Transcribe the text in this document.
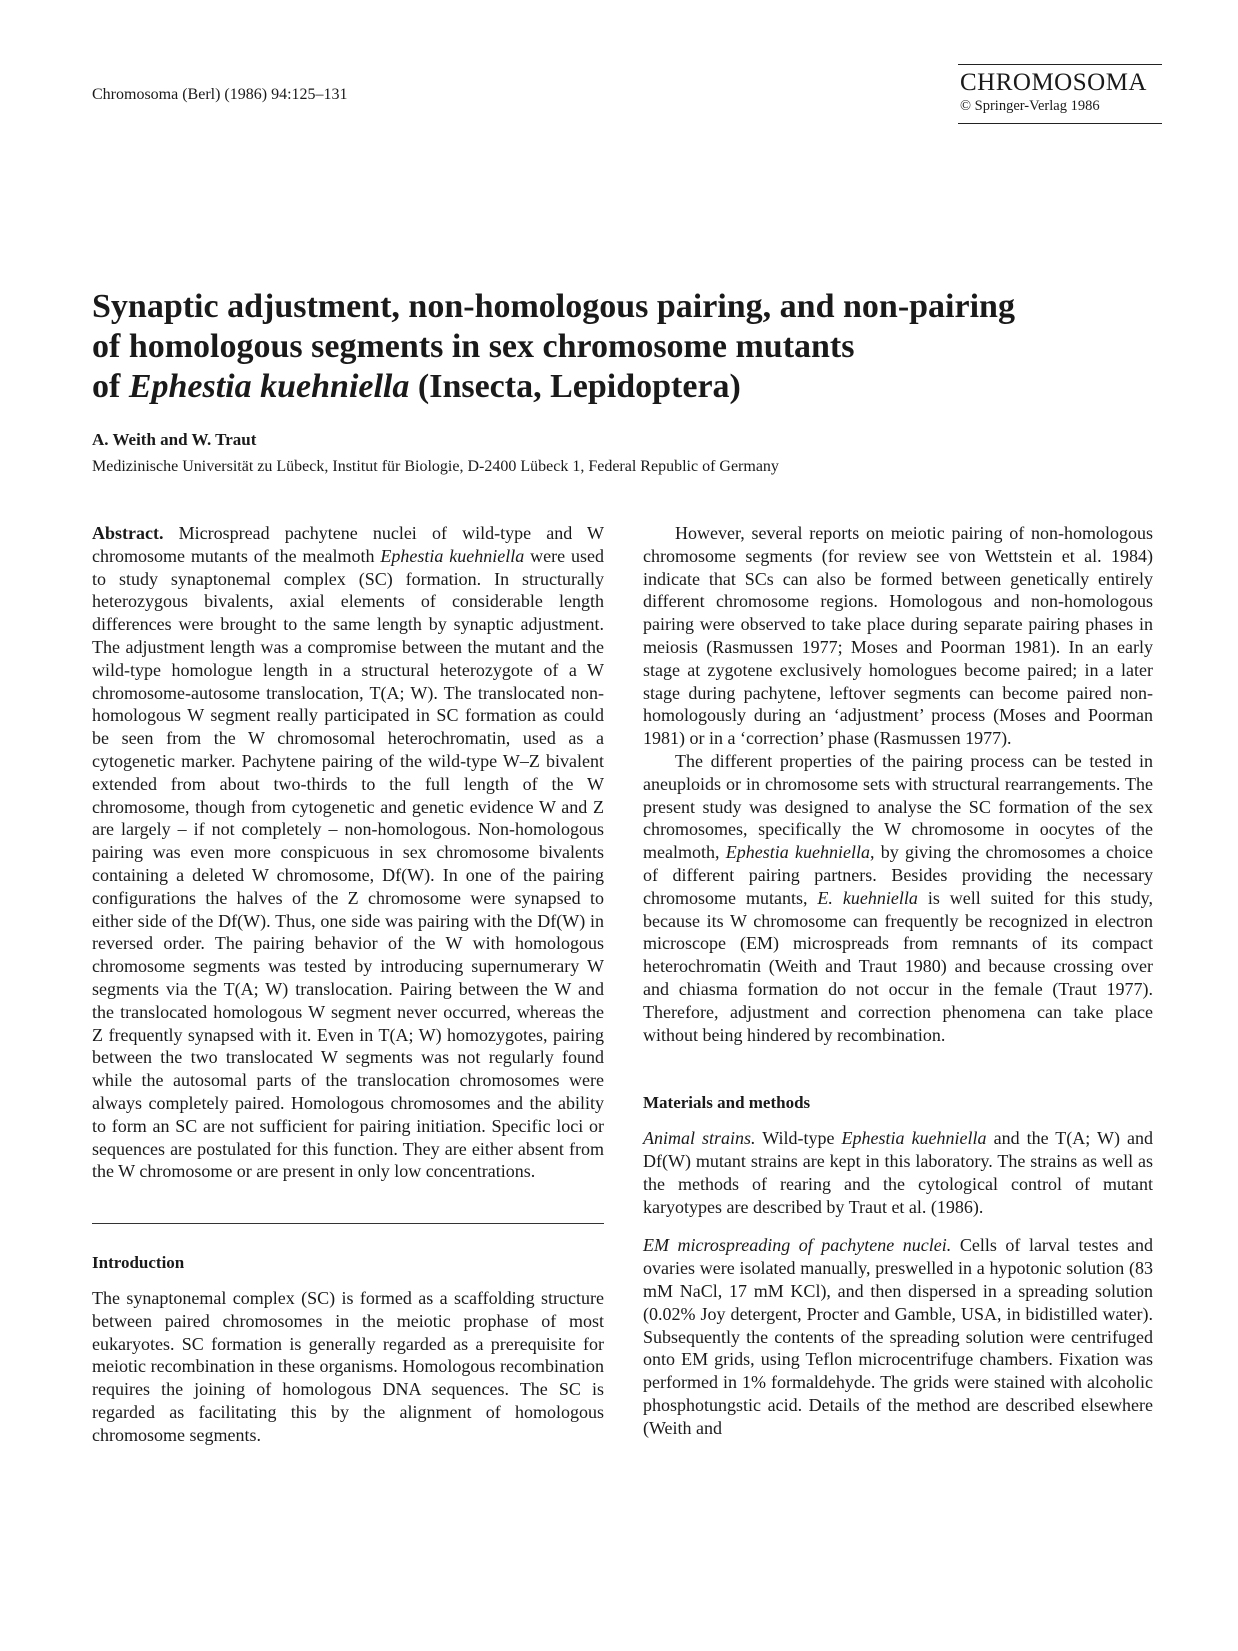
Chromosoma (Berl) (1986) 94:125–131	CHROMOSOMA
© Springer-Verlag 1986
Synaptic adjustment, non-homologous pairing, and non-pairing
of homologous segments in sex chromosome mutants
of Ephestia kuehniella (Insecta, Lepidoptera)
A. Weith and W. Traut
Medizinische Universität zu Lübeck, Institut für Biologie, D-2400 Lübeck 1, Federal Republic of Germany

Abstract. Microspread pachytene nuclei of wild-type and W chromosome mutants of the mealmoth Ephestia kuehniella were used to study synaptonemal complex (SC) formation. In structurally heterozygous bivalents, axial elements of considerable length differences were brought to the same length by synaptic adjustment. The adjustment length was a compromise between the mutant and the wild-type homologue length in a structural heterozygote of a W chromosome-autosome translocation, T(A; W). The translocated non-homologous W segment really participated in SC formation as could be seen from the W chromosomal heterochromatin, used as a cytogenetic marker. Pachytene pairing of the wild-type W–Z bivalent extended from about two-thirds to the full length of the W chromosome, though from cytogenetic and genetic evidence W and Z are largely – if not completely – non-homologous. Non-homologous pairing was even more conspicuous in sex chromosome bivalents containing a deleted W chromosome, Df(W). In one of the pairing configurations the halves of the Z chromosome were synapsed to either side of the Df(W). Thus, one side was pairing with the Df(W) in reversed order. The pairing behavior of the W with homologous chromosome segments was tested by introducing supernumerary W segments via the T(A; W) translocation. Pairing between the W and the translocated homologous W segment never occurred, whereas the Z frequently synapsed with it. Even in T(A; W) homozygotes, pairing between the two translocated W segments was not regularly found while the autosomal parts of the translocation chromosomes were always completely paired. Homologous chromosomes and the ability to form an SC are not sufficient for pairing initiation. Specific loci or sequences are postulated for this function. They are either absent from the W chromosome or are present in only low concentrations.

Introduction

The synaptonemal complex (SC) is formed as a scaffolding structure between paired chromosomes in the meiotic prophase of most eukaryotes. SC formation is generally regarded as a prerequisite for meiotic recombination in these organisms. Homologous recombination requires the joining of homologous DNA sequences. The SC is regarded as facilitating this by the alignment of homologous chromosome segments.

However, several reports on meiotic pairing of non-homologous chromosome segments (for review see von Wettstein et al. 1984) indicate that SCs can also be formed between genetically entirely different chromosome regions. Homologous and non-homologous pairing were observed to take place during separate pairing phases in meiosis (Rasmussen 1977; Moses and Poorman 1981). In an early stage at zygotene exclusively homologues become paired; in a later stage during pachytene, leftover segments can become paired non-homologously during an ‘adjustment’ process (Moses and Poorman 1981) or in a ‘correction’ phase (Rasmussen 1977).

The different properties of the pairing process can be tested in aneuploids or in chromosome sets with structural rearrangements. The present study was designed to analyse the SC formation of the sex chromosomes, specifically the W chromosome in oocytes of the mealmoth, Ephestia kuehniella, by giving the chromosomes a choice of different pairing partners. Besides providing the necessary chromosome mutants, E. kuehniella is well suited for this study, because its W chromosome can frequently be recognized in electron microscope (EM) microspreads from remnants of its compact heterochromatin (Weith and Traut 1980) and because crossing over and chiasma formation do not occur in the female (Traut 1977). Therefore, adjustment and correction phenomena can take place without being hindered by recombination.

Materials and methods

Animal strains. Wild-type Ephestia kuehniella and the T(A; W) and Df(W) mutant strains are kept in this laboratory. The strains as well as the methods of rearing and the cytological control of mutant karyotypes are described by Traut et al. (1986).

EM microspreading of pachytene nuclei. Cells of larval testes and ovaries were isolated manually, preswelled in a hypotonic solution (83 mM NaCl, 17 mM KCl), and then dispersed in a spreading solution (0.02% Joy detergent, Procter and Gamble, USA, in bidistilled water). Subsequently the contents of the spreading solution were centrifuged onto EM grids, using Teflon microcentrifuge chambers. Fixation was performed in 1% formaldehyde. The grids were stained with alcoholic phosphotungstic acid. Details of the method are described elsewhere (Weith and
